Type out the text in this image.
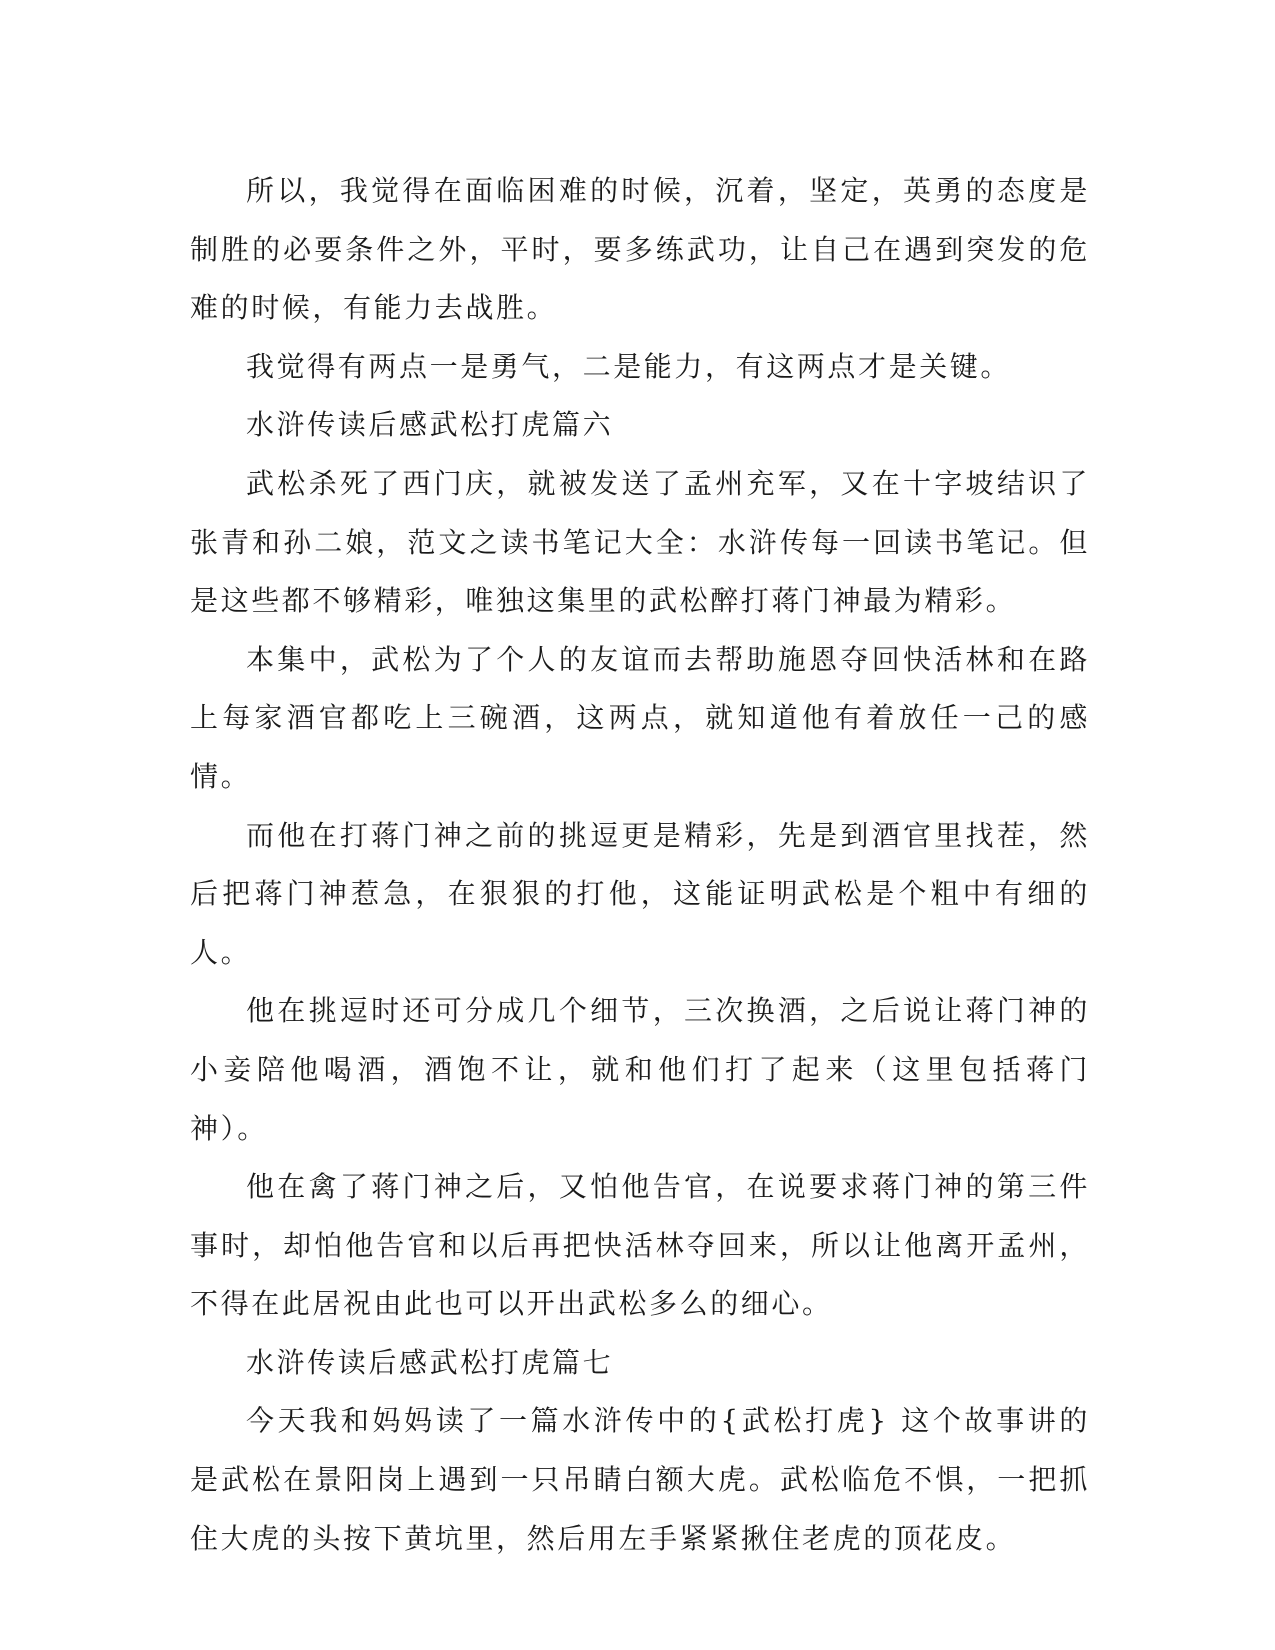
所以，我觉得在面临困难的时候，沉着，坚定，英勇的态度是制胜的必要条件之外，平时，要多练武功，让自己在遇到突发的危难的时候，有能力去战胜。

我觉得有两点一是勇气，二是能力，有这两点才是关键。

水浒传读后感武松打虎篇六

武松杀死了西门庆，就被发送了孟州充军，又在十字坡结识了张青和孙二娘，范文之读书笔记大全：水浒传每一回读书笔记。但是这些都不够精彩，唯独这集里的武松醉打蒋门神最为精彩。

本集中，武松为了个人的友谊而去帮助施恩夺回快活林和在路上每家酒官都吃上三碗酒，这两点，就知道他有着放任一己的感情。

而他在打蒋门神之前的挑逗更是精彩，先是到酒官里找茬，然后把蒋门神惹急，在狠狠的打他，这能证明武松是个粗中有细的人。

他在挑逗时还可分成几个细节，三次换酒，之后说让蒋门神的小妾陪他喝酒，酒饱不让，就和他们打了起来（这里包括蒋门神）。

他在禽了蒋门神之后，又怕他告官，在说要求蒋门神的第三件事时，却怕他告官和以后再把快活林夺回来，所以让他离开孟州，不得在此居祝由此也可以开出武松多么的细心。

水浒传读后感武松打虎篇七

今天我和妈妈读了一篇水浒传中的{武松打虎} 这个故事讲的是武松在景阳岗上遇到一只吊睛白额大虎。武松临危不惧，一把抓住大虎的头按下黄坑里，然后用左手紧紧揪住老虎的顶花皮。
